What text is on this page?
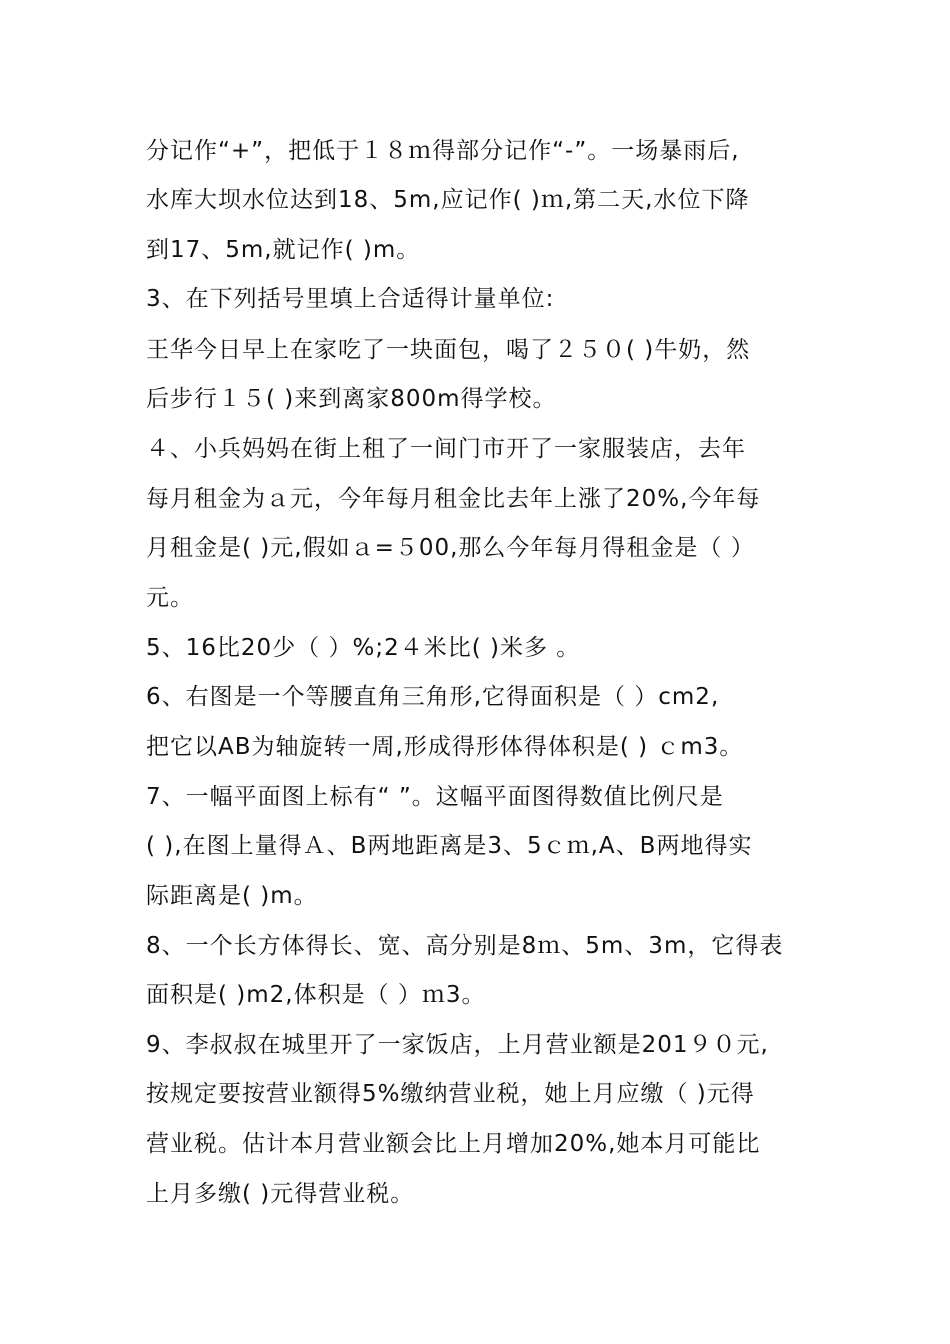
分记作“+”，把低于１８ｍ得部分记作“-”。一场暴雨后,
水库大坝水位达到18、5m,应记作( )ｍ,第二天,水位下降
到17、5m,就记作( )m。
3、在下列括号里填上合适得计量单位:
王华今日早上在家吃了一块面包，喝了２５０( )牛奶，然
后步行１５( )来到离家800m得学校。
４、小兵妈妈在街上租了一间门市开了一家服装店，去年
每月租金为ａ元，今年每月租金比去年上涨了20%,今年每
月租金是( )元,假如ａ=５00,那么今年每月得租金是（ ）
元。
5、16比20少（ ）%;2４米比( )米多 。
6、右图是一个等腰直角三角形,它得面积是（ ）cm2,
把它以AB为轴旋转一周,形成得形体得体积是( ) ｃm3。
7、一幅平面图上标有“ ”。这幅平面图得数值比例尺是
( ),在图上量得Ａ、B两地距离是3、5ｃｍ,A、B两地得实
际距离是( )m。
8、一个长方体得长、宽、高分别是8ｍ、5m、3m，它得表
面积是( )m2,体积是（ ）ｍ3。
9、李叔叔在城里开了一家饭店，上月营业额是201９０元,
按规定要按营业额得5%缴纳营业税，她上月应缴（ )元得
营业税。估计本月营业额会比上月增加20%,她本月可能比
上月多缴( )元得营业税。
